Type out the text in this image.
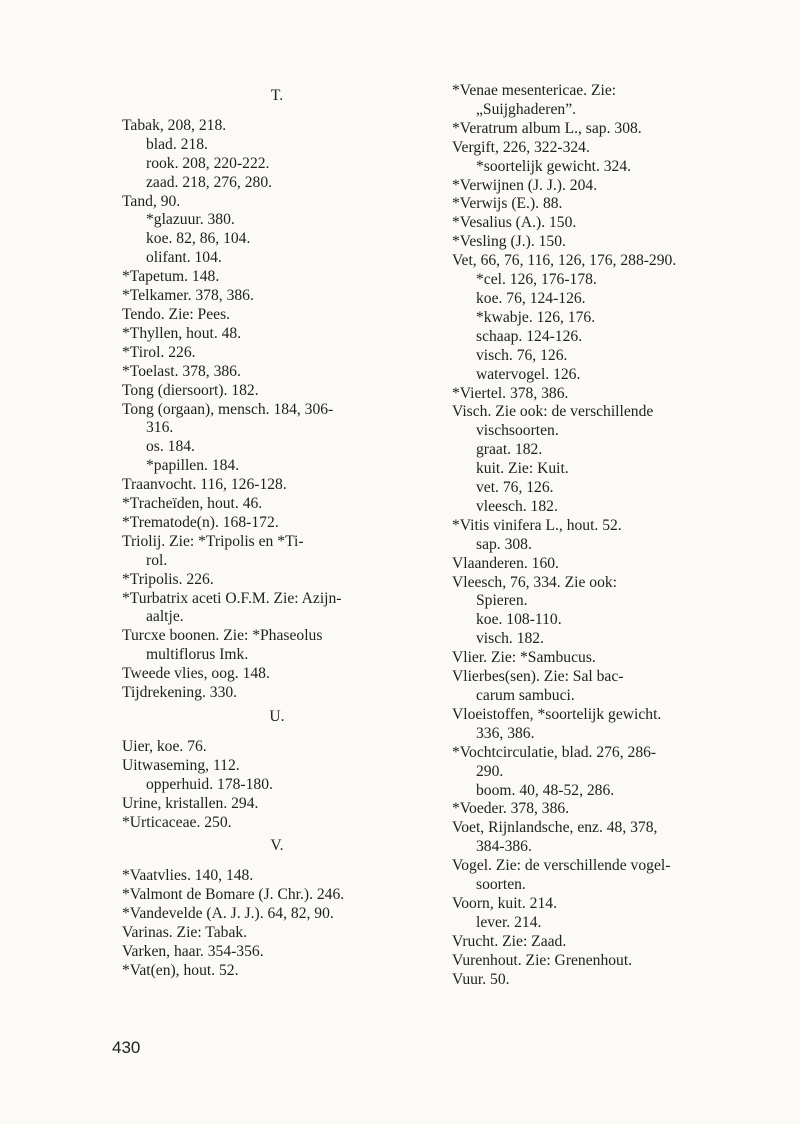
T.
Tabak, 208, 218.
blad. 218.
rook. 208, 220-222.
zaad. 218, 276, 280.
Tand, 90.
*glazuur. 380.
koe. 82, 86, 104.
olifant. 104.
*Tapetum. 148.
*Telkamer. 378, 386.
Tendo. Zie: Pees.
*Thyllen, hout. 48.
*Tirol. 226.
*Toelast. 378, 386.
Tong (diersoort). 182.
Tong (orgaan), mensch. 184, 306-
316.
os. 184.
*papillen. 184.
Traanvocht. 116, 126-128.
*Tracheïden, hout. 46.
*Trematode(n). 168-172.
Triolij. Zie: *Tripolis en *Ti-
rol.
*Tripolis. 226.
*Turbatrix aceti O.F.M. Zie: Azijn-
aaltje.
Turcxe boonen. Zie: *Phaseolus
multiflorus Imk.
Tweede vlies, oog. 148.
Tijdrekening. 330.
U.
Uier, koe. 76.
Uitwaseming, 112.
opperhuid. 178-180.
Urine, kristallen. 294.
*Urticaceae. 250.
V.
*Vaatvlies. 140, 148.
*Valmont de Bomare (J. Chr.). 246.
*Vandevelde (A. J. J.). 64, 82, 90.
Varinas. Zie: Tabak.
Varken, haar. 354-356.
*Vat(en), hout. 52.
*Venae mesentericae. Zie:
„Suijghaderen”.
*Veratrum album L., sap. 308.
Vergift, 226, 322-324.
*soortelijk gewicht. 324.
*Verwijnen (J. J.). 204.
*Verwijs (E.). 88.
*Vesalius (A.). 150.
*Vesling (J.). 150.
Vet, 66, 76, 116, 126, 176, 288-290.
*cel. 126, 176-178.
koe. 76, 124-126.
*kwabje. 126, 176.
schaap. 124-126.
visch. 76, 126.
watervogel. 126.
*Viertel. 378, 386.
Visch. Zie ook: de verschillende
vischsoorten.
graat. 182.
kuit. Zie: Kuit.
vet. 76, 126.
vleesch. 182.
*Vitis vinifera L., hout. 52.
sap. 308.
Vlaanderen. 160.
Vleesch, 76, 334. Zie ook:
Spieren.
koe. 108-110.
visch. 182.
Vlier. Zie: *Sambucus.
Vlierbes(sen). Zie: Sal bac-
carum sambuci.
Vloeistoffen, *soortelijk gewicht.
336, 386.
*Vochtcirculatie, blad. 276, 286-
290.
boom. 40, 48-52, 286.
*Voeder. 378, 386.
Voet, Rijnlandsche, enz. 48, 378,
384-386.
Vogel. Zie: de verschillende vogel-
soorten.
Voorn, kuit. 214.
lever. 214.
Vrucht. Zie: Zaad.
Vurenhout. Zie: Grenenhout.
Vuur. 50.
430
